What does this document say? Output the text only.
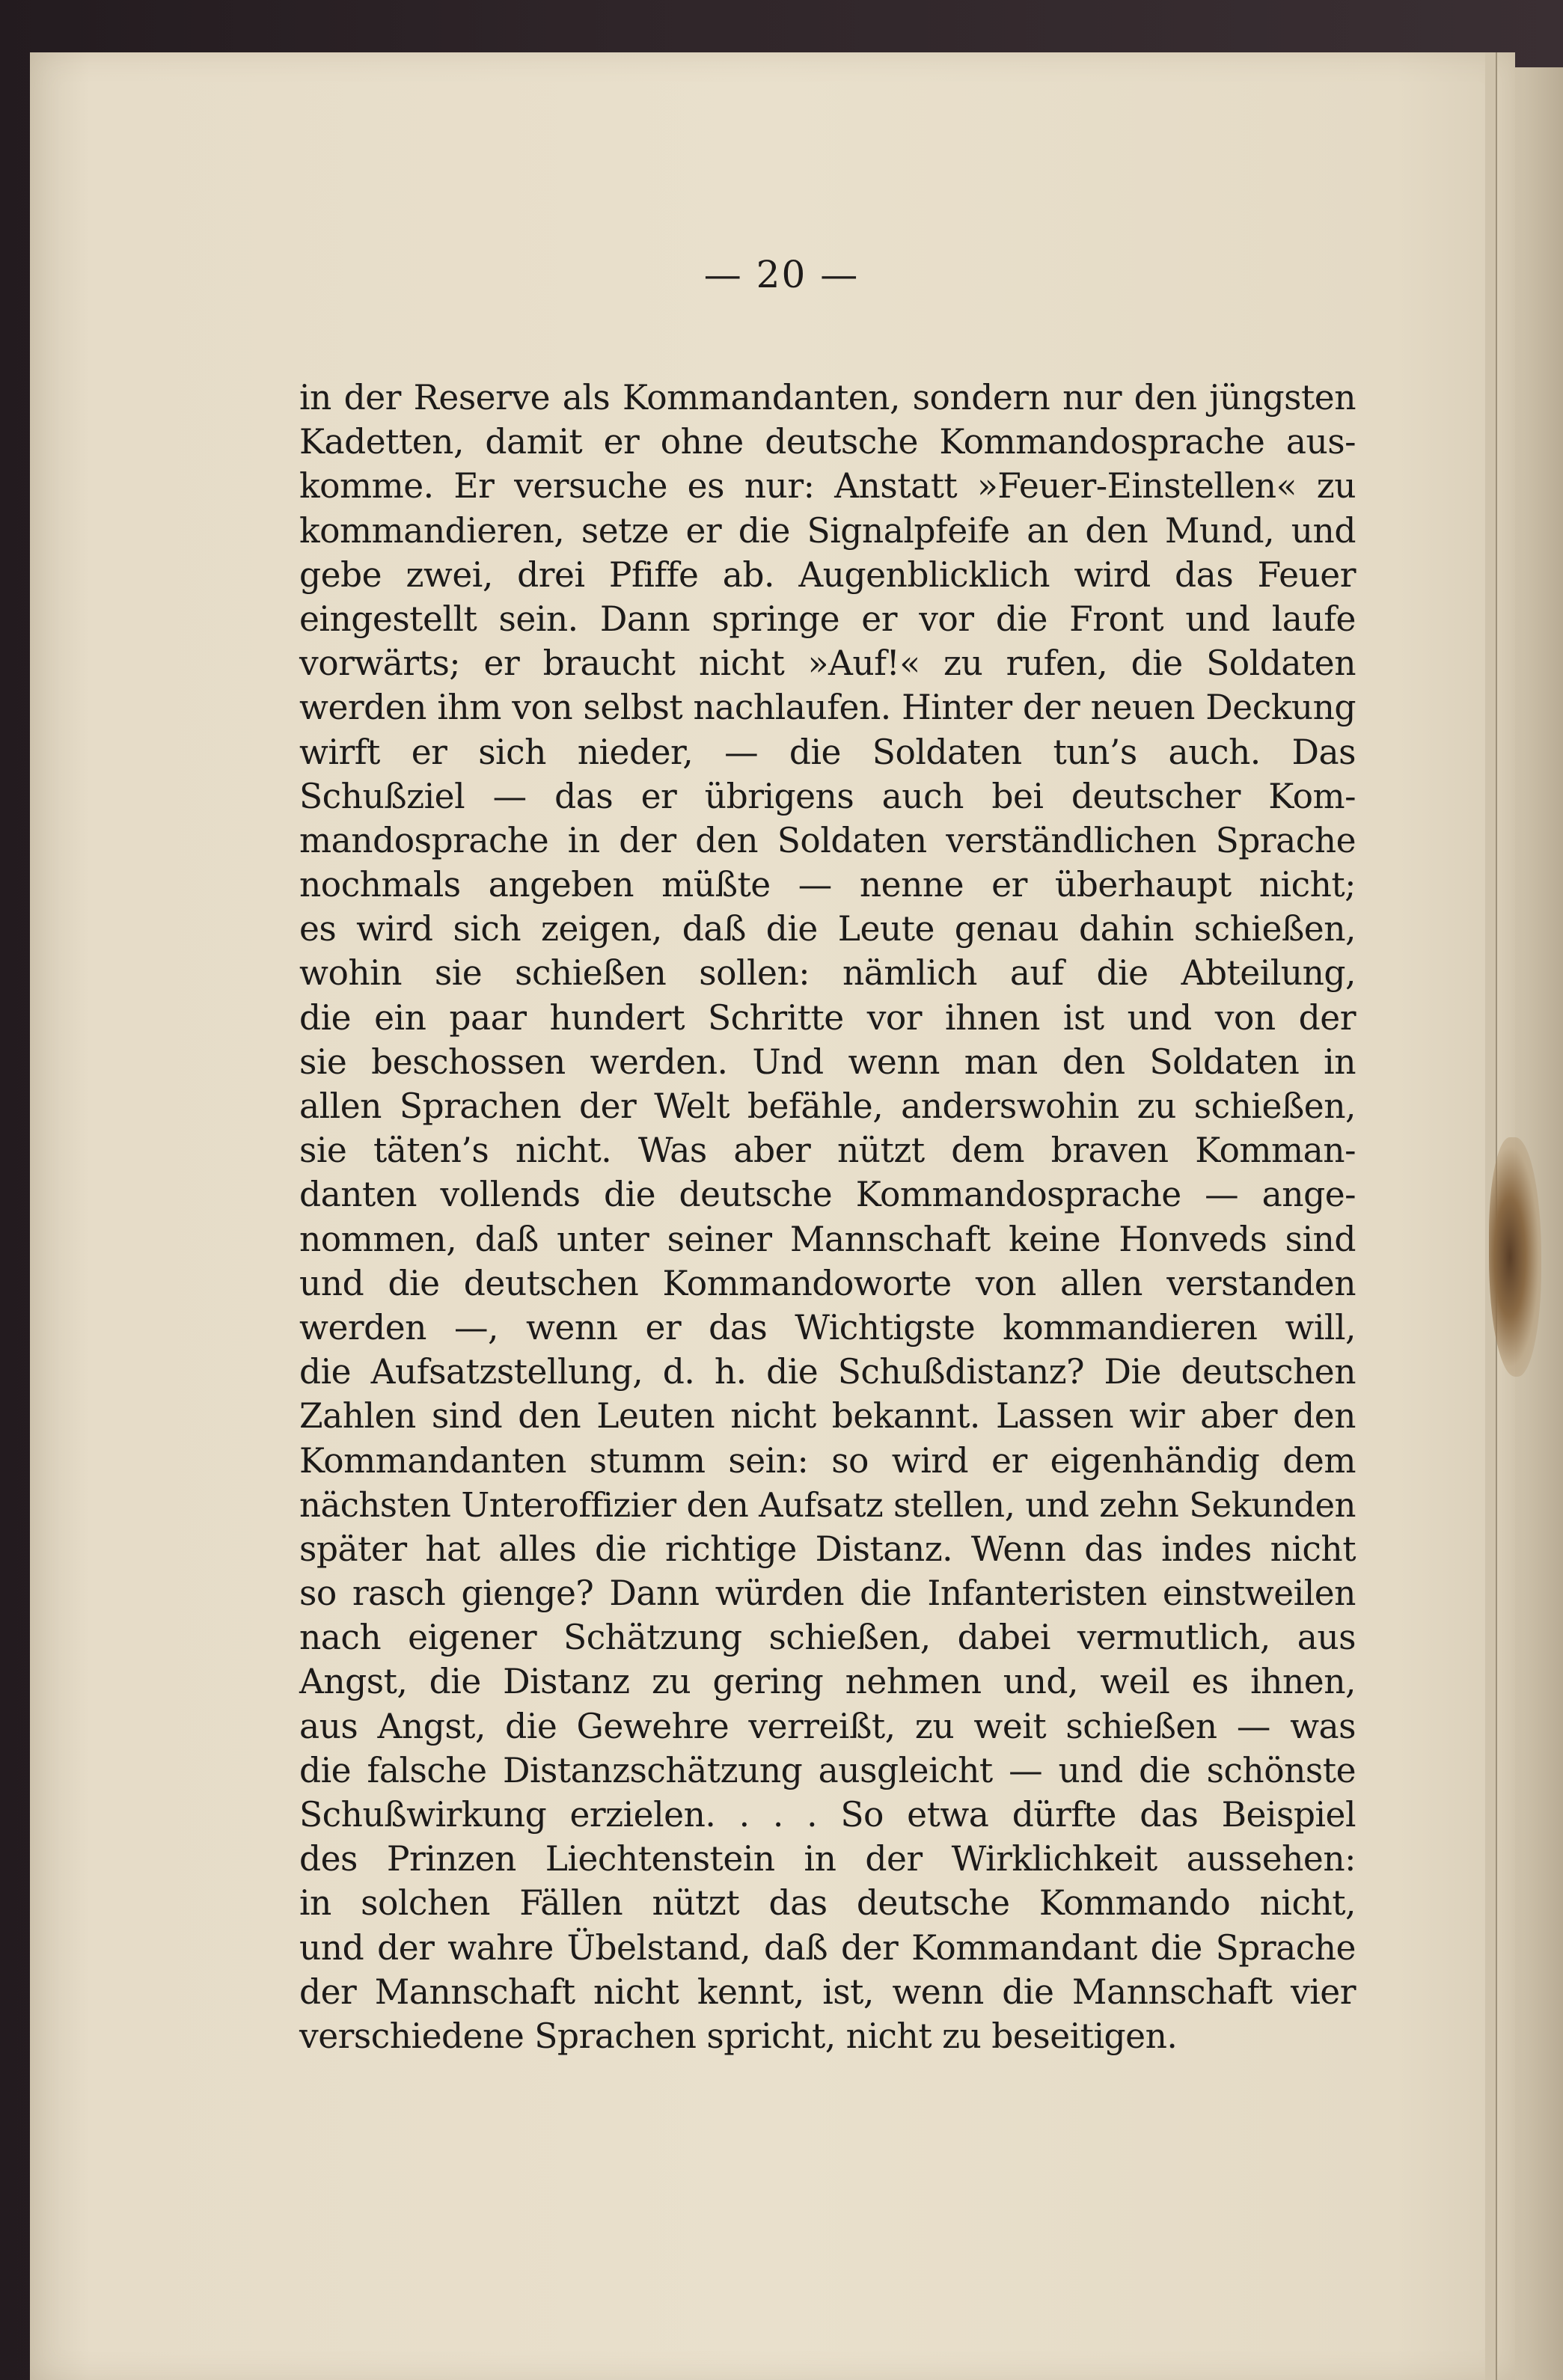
— 20 —
in der Reserve als Kommandanten, sondern nur den jüngsten
Kadetten, damit er ohne deutsche Kommandosprache aus-
komme. Er versuche es nur: Anstatt »Feuer-Einstellen« zu
kommandieren, setze er die Signalpfeife an den Mund, und
gebe zwei, drei Pfiffe ab. Augenblicklich wird das Feuer
eingestellt sein. Dann springe er vor die Front und laufe
vorwärts; er braucht nicht »Auf!« zu rufen, die Soldaten
werden ihm von selbst nachlaufen. Hinter der neuen Deckung
wirft er sich nieder, — die Soldaten tun’s auch. Das
Schußziel — das er übrigens auch bei deutscher Kom-
mandosprache in der den Soldaten verständlichen Sprache
nochmals angeben müßte — nenne er überhaupt nicht;
es wird sich zeigen, daß die Leute genau dahin schießen,
wohin sie schießen sollen: nämlich auf die Abteilung,
die ein paar hundert Schritte vor ihnen ist und von der
sie beschossen werden. Und wenn man den Soldaten in
allen Sprachen der Welt befähle, anderswohin zu schießen,
sie täten’s nicht. Was aber nützt dem braven Komman-
danten vollends die deutsche Kommandosprache — ange-
nommen, daß unter seiner Mannschaft keine Honveds sind
und die deutschen Kommandoworte von allen verstanden
werden —, wenn er das Wichtigste kommandieren will,
die Aufsatzstellung, d. h. die Schußdistanz? Die deutschen
Zahlen sind den Leuten nicht bekannt. Lassen wir aber den
Kommandanten stumm sein: so wird er eigenhändig dem
nächsten Unteroffizier den Aufsatz stellen, und zehn Sekunden
später hat alles die richtige Distanz. Wenn das indes nicht
so rasch gienge? Dann würden die Infanteristen einstweilen
nach eigener Schätzung schießen, dabei vermutlich, aus
Angst, die Distanz zu gering nehmen und, weil es ihnen,
aus Angst, die Gewehre verreißt, zu weit schießen — was
die falsche Distanzschätzung ausgleicht — und die schönste
Schußwirkung erzielen. . . . So etwa dürfte das Beispiel
des Prinzen Liechtenstein in der Wirklichkeit aussehen:
in solchen Fällen nützt das deutsche Kommando nicht,
und der wahre Übelstand, daß der Kommandant die Sprache
der Mannschaft nicht kennt, ist, wenn die Mannschaft vier
verschiedene Sprachen spricht, nicht zu beseitigen.
